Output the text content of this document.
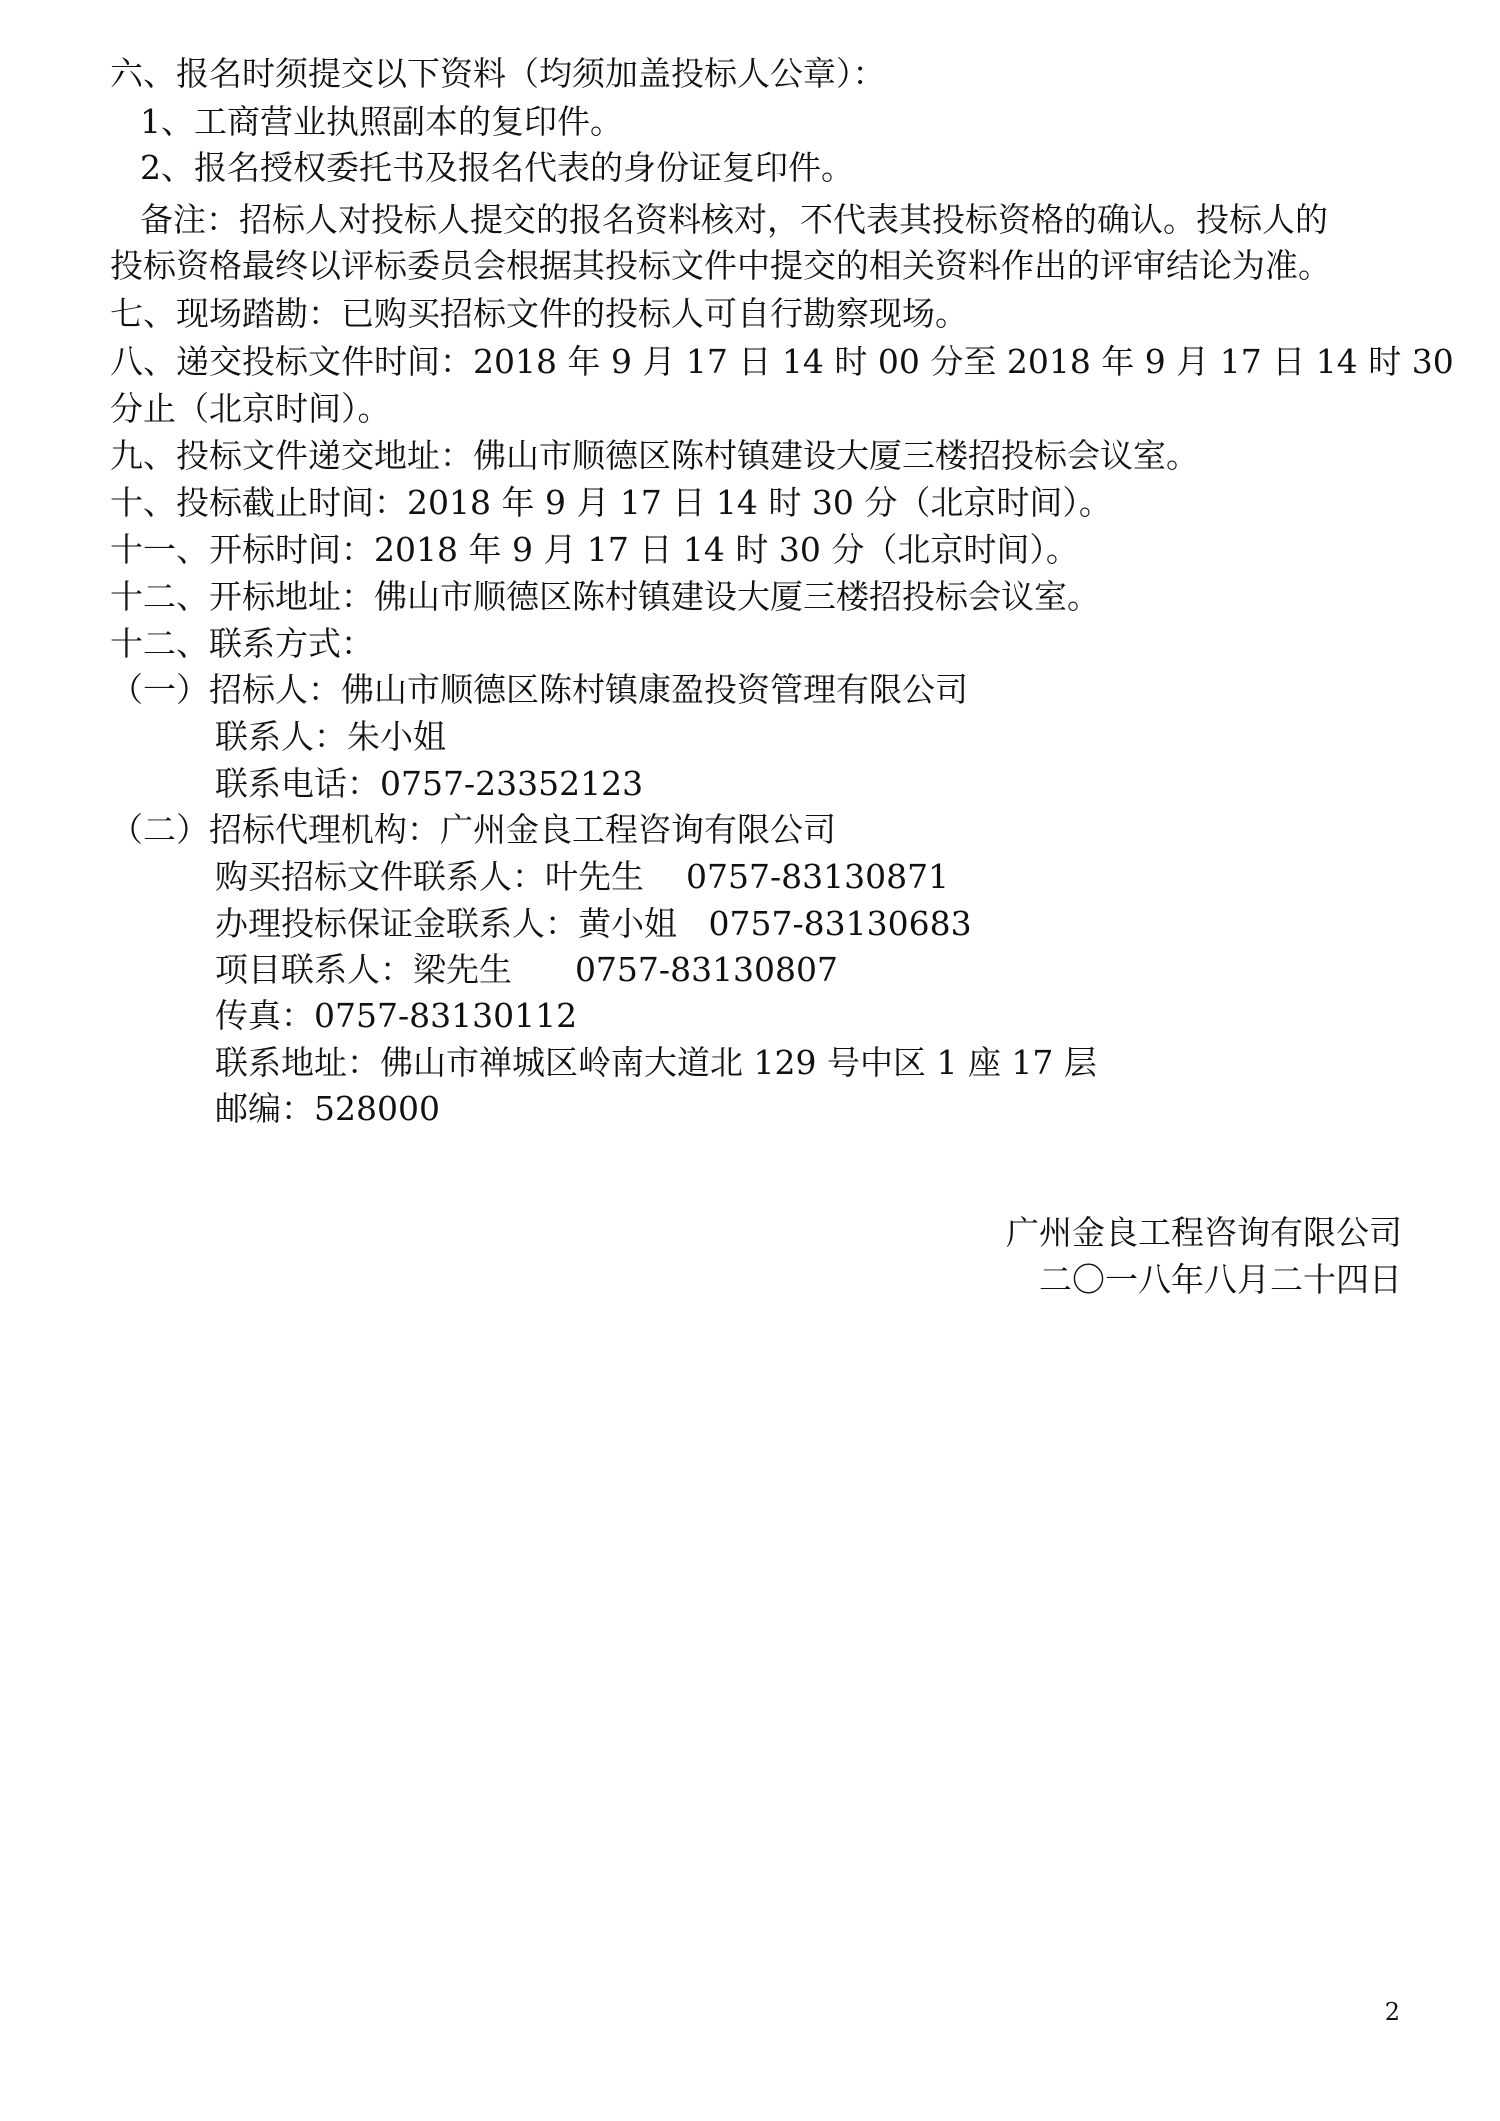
六、报名时须提交以下资料（均须加盖投标人公章）：
1、工商营业执照副本的复印件。
2、报名授权委托书及报名代表的身份证复印件。
备注：招标人对投标人提交的报名资料核对，不代表其投标资格的确认。投标人的
投标资格最终以评标委员会根据其投标文件中提交的相关资料作出的评审结论为准。
七、现场踏勘：已购买招标文件的投标人可自行勘察现场。
八、递交投标文件时间：2018 年 9 月 17 日 14 时 00 分至 2018 年 9 月 17 日 14 时 30
分止（北京时间）。
九、投标文件递交地址：佛山市顺德区陈村镇建设大厦三楼招投标会议室。
十、投标截止时间：2018 年 9 月 17 日 14 时 30 分（北京时间）。
十一、开标时间：2018 年 9 月 17 日 14 时 30 分（北京时间）。
十二、开标地址：佛山市顺德区陈村镇建设大厦三楼招投标会议室。
十二、联系方式：
（一）招标人：佛山市顺德区陈村镇康盈投资管理有限公司
联系人：朱小姐
联系电话：0757-23352123
（二）招标代理机构：广州金良工程咨询有限公司
购买招标文件联系人：叶先生    0757-83130871
办理投标保证金联系人：黄小姐   0757-83130683
项目联系人：梁先生      0757-83130807
传真：0757-83130112
联系地址：佛山市禅城区岭南大道北 129 号中区 1 座 17 层
邮编：528000
广州金良工程咨询有限公司
二〇一八年八月二十四日
2
